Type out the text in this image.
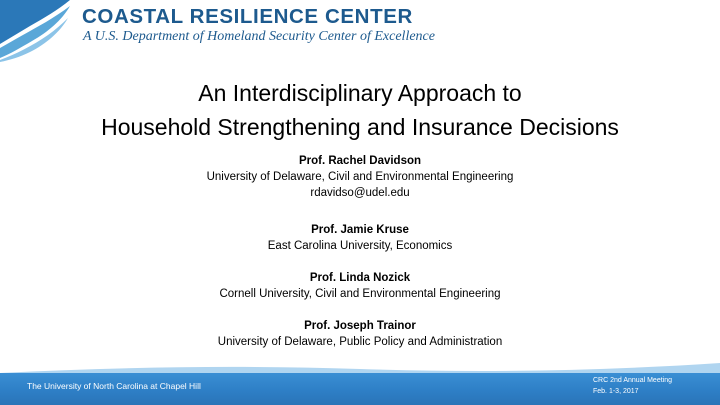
COASTAL RESILIENCE CENTER
A U.S. Department of Homeland Security Center of Excellence
An Interdisciplinary Approach to
Household Strengthening and Insurance Decisions
Prof. Rachel Davidson
University of Delaware, Civil and Environmental Engineering
rdavidso@udel.edu
Prof. Jamie Kruse
East Carolina University, Economics
Prof. Linda Nozick
Cornell University, Civil and Environmental Engineering
Prof. Joseph Trainor
University of Delaware, Public Policy and Administration
The University of North Carolina at Chapel Hill
CRC 2nd Annual Meeting
Feb. 1-3, 2017
